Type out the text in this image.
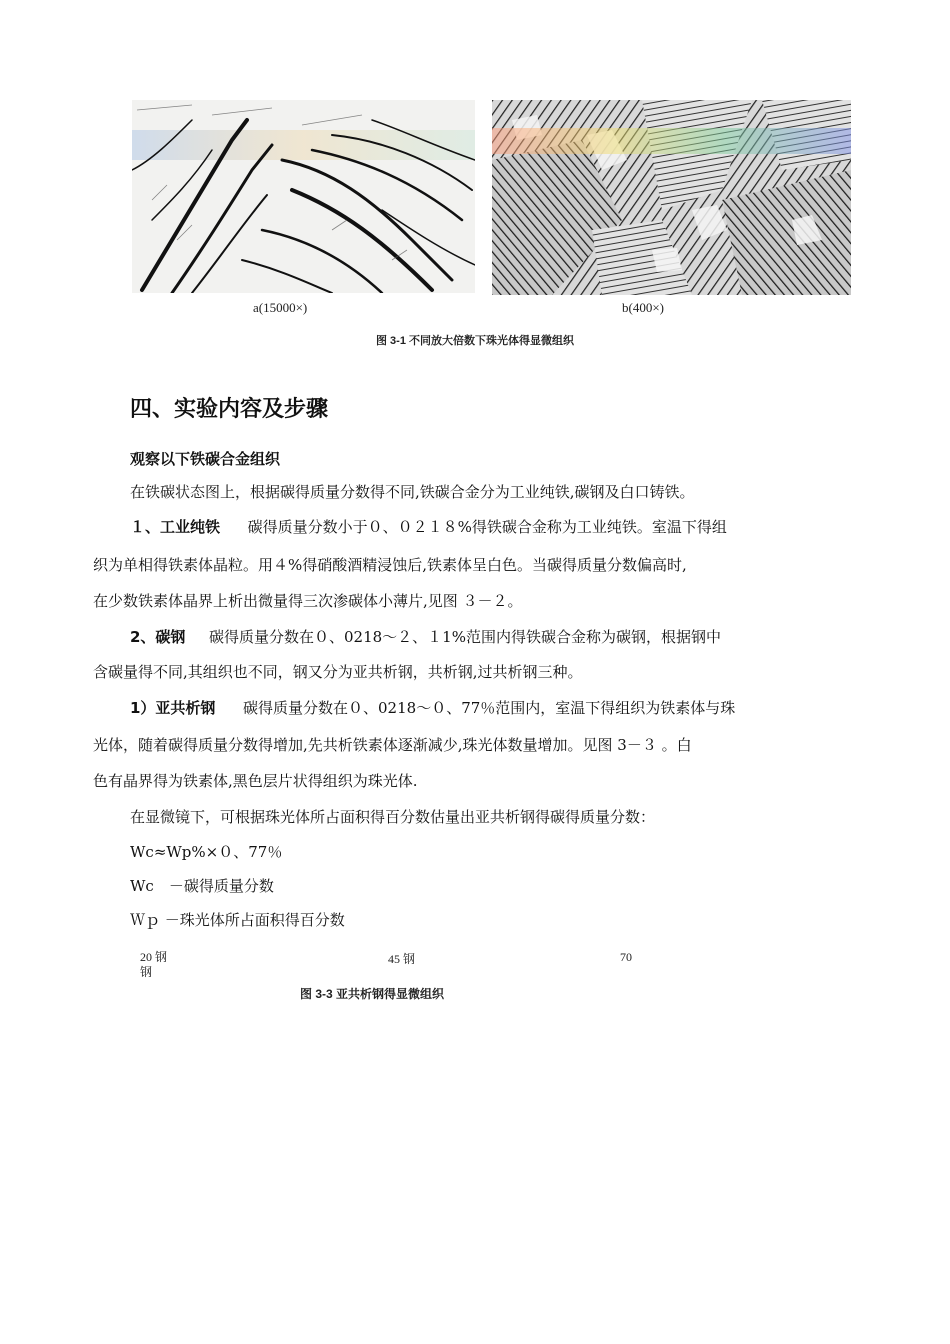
a(15000×)	b(400×)
图 3-1 不同放大倍数下珠光体得显微组织
四、实验内容及步骤
观察以下铁碳合金组织
在铁碳状态图上，根据碳得质量分数得不同,铁碳合金分为工业纯铁,碳钢及白口铸铁。
１、工业纯铁 碳得质量分数小于０、０２１８%得铁碳合金称为工业纯铁。室温下得组
织为单相得铁素体晶粒。用４%得硝酸酒精浸蚀后,铁素体呈白色。当碳得质量分数偏高时,
在少数铁素体晶界上析出微量得三次渗碳体小薄片,见图 ３－２。
2、碳钢 碳得质量分数在０、0218～２、１1%范围内得铁碳合金称为碳钢，根据钢中
含碳量得不同,其组织也不同，钢又分为亚共析钢，共析钢,过共析钢三种。
1）亚共析钢 碳得质量分数在０、0218～０、77％范围内，室温下得组织为铁素体与珠
光体，随着碳得质量分数得增加,先共析铁素体逐渐减少,珠光体数量增加。见图 3－３ 。白
色有晶界得为铁素体,黑色层片状得组织为珠光体.
在显微镜下，可根据珠光体所占面积得百分数估量出亚共析钢得碳得质量分数：
Wc≈Wp%×０、77％
Wc　－碳得质量分数
Ｗｐ －珠光体所占面积得百分数
20 钢
钢
45 钢	70
图 3-3 亚共析钢得显微组织
